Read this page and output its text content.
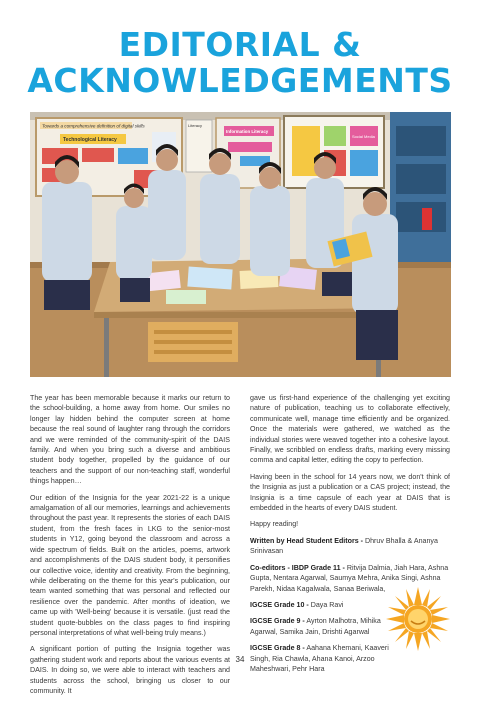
EDITORIAL &
ACKNOWLEDGEMENTS
Towards a comprehensive definition of digital skills
Technological Literacy
Literacy
Information Literacy
Social Media

The year has been memorable because it marks our return to the school-building, a home away from home. Our smiles no longer lay hidden behind the computer screen at home because the real sound of laughter rang through the corridors and we were reminded of the community-spirit of the DAIS family. And when you bring such a diverse and ambitious student body together, propelled by the guidance of our teachers and the support of our non-teaching staff, wonderful things happen…

Our edition of the Insignia for the year 2021-22 is a unique amalgamation of all our memories, learnings and achievements throughout the past year. It represents the stories of each DAIS student, from the fresh faces in LKG to the senior-most students in Y12, going beyond the classroom and across a wide spectrum of fields. Built on the articles, poems, artwork and accomplishments of the DAIS student body, it personifies our collective voice, identity and creativity. From the beginning, while deliberating on the theme for this year's publication, our team wanted something that was personal and reflected our resilience over the pandemic. After months of ideation, we came up with 'Well-being' because it is versatile. (just read the student quote-bubbles on the class pages to find inspiring personal interpretations of what well-being truly means.)

A significant portion of putting the Insignia together was gathering student work and reports about the various events at DAIS. In doing so, we were able to interact with teachers and students across the school, bringing us closer to our community. It

gave us first-hand experience of the challenging yet exciting nature of publication, teaching us to collaborate effectively, communicate well, manage time efficiently and be organized. Once the materials were gathered, we watched as the individual stories were weaved together into a cohesive layout. Finally, we scribbled on endless drafts, marking every missing comma and capital letter, editing the copy to perfection.

Having been in the school for 14 years now, we don't think of the Insignia as just a publication or a CAS project; instead, the Insignia is a time capsule of each year at DAIS that is embedded in the hearts of every DAIS student.

Happy reading!

Written by Head Student Editors - Dhruv Bhalla & Ananya Srinivasan

Co-editors - IBDP Grade 11 - Ritvija Dalmia, Jiah Hara, Ashna Gupta, Nentara Agarwal, Saumya Mehra, Anika Singi, Ashna Parekh, Nidaa Kagalwala, Sanaa Beriwala,

IGCSE Grade 10 - Daya Ravi

IGCSE Grade 9 - Ayrton Malhotra, Mihika Agarwal, Samika Jain, Drishti Agarwal

IGCSE Grade 8 - Aahana Khemani, Kaaveri Singh, Ria Chawla, Ahana Kanoi, Arzoo Maheshwari, Pehr Hara

34
